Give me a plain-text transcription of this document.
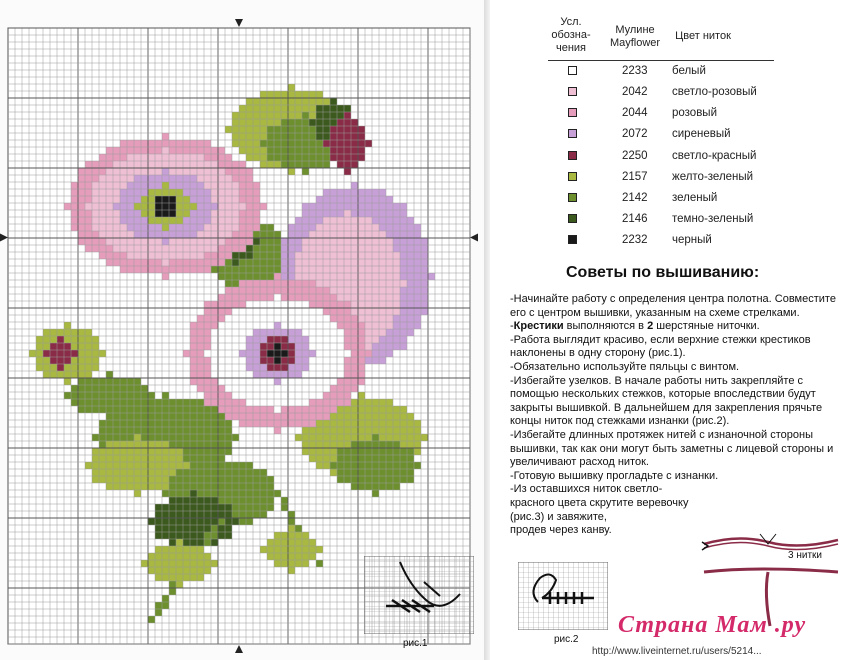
Усл.
обозна-
чения
Мулине
Mayflower
Цвет ниток
2233 белый
2042 светло-розовый
2044 розовый
2072 сиреневый
2250 светло-красный
2157 желто-зеленый
2142 зеленый
2146 темно-зеленый
2232 черный
Советы по вышиванию:

-Начинайте работу с определения центра полотна. Совместите его с центром вышивки, указанным на схеме стрелками.

-Крестики выполняются в 2 шерстяные ниточки.

-Работа выглядит красиво, если верхние стежки крестиков наклонены в одну сторону (рис.1).

-Обязательно используйте пяльцы с винтом.

-Избегайте узелков. В начале работы нить закрепляйте с помощью нескольких стежков, которые впоследствии будут закрыты вышивкой. В дальнейшем для закрепления прячьте концы ниток под стежками изнанки (рис.2).

-Избегайте длинных протяжек нитей с изнаночной стороны вышивки, так как они могут быть заметны с лицевой стороны и увеличивают расход ниток.

-Готовую вышивку прогладьте с изнанки.

-Из оставшихся ниток светло-красного цвета скрутите веревочку (рис.3) и завяжите,

продев через канву.

рис.1	рис.2
3 нитки
Страна Мам .ру
http://www.liveinternet.ru/users/5214...
